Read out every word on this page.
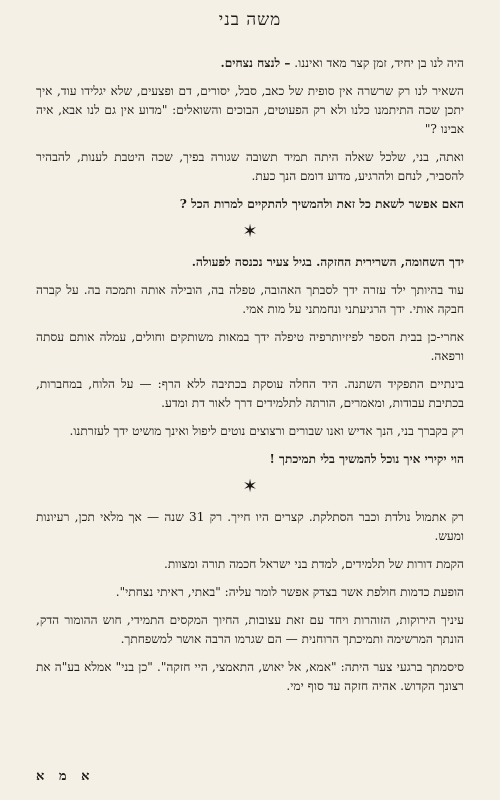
משה בני

היה לנו בן יחיד, זמן קצר מאד ואיננו. – לנצח נצחים.

השאיר לנו רק שרשרה אין סופית של כאב, סבל, יסורים, דם ופצעים, שלא יגלידו עוד, איך יתכן שכה התיתמנו כלנו ולא רק הפעוטים, הבוכים והשואלים: "מדוע אין גם לנו אבא, איה אבינו ?"

ואתה, בני, שלכל שאלה היתה תמיד תשובה שגורה בפיך, שכה היטבת לענות, להבהיר להסביר, לנחם ולהרגיע, מדוע דומם הנך כעת.

האם אפשר לשאת כל זאת ולהמשיך להתקיים למרות הכל ?

✶

ידך השחומה, השרירית החזקה. בגיל צעיר נכנסה לפעולה.

עוד בהיותך ילד עזרה ידך לסבתך האהובה, טפלה בה, הובילה אותה ותמכה בה. על קברה חבקה אותי. ידך הרגיעתני ונחמתני על מות אמי.

אחרי-כן בבית הספר לפיזיותרפיה טיפלה ידך במאות משותקים וחולים, עמלה אותם עסתה ורפאה.

בינתיים התפקיד השתנה. היד החלה עוסקת בכתיבה ללא הרף: — על הלוח, במחברות, בכתיבת עבודות, ומאמרים, הורתה לתלמידים דרך לאור דת ומדע.

רק בקברך בני, הנך אדיש ואנו שבורים ורצוצים נוטים ליפול ואינך מושיט ידך לעזרתנו.

הוי יקירי איך נוכל להמשיך בלי תמיכתך !

✶

רק אתמול נולדת וכבר הסתלקת. קצרים היו חייך. רק 31 שנה — אך מלאי תכן, רעיונות ומעש.

הקמת דורות של תלמידים, למדת בני ישראל חכמה תורה ומצוות.

הופעת כדמות חולפת אשר בצדק אפשר לומר עליה: "באתי, ראיתי נצחתי".

עיניך הירוקות, הזוהרות ויחד עם זאת עצובות, החיוך המקסים התמידי, חוש ההומור הדק, הונתך המרשימה ותמיכתך הרוחנית — הם שגרמו הרבה אושר למשפחתך.

סיסמתך ברגעי צער היתה: "אמא, אל יאוש, התאמצי, היי חזקה". "כן בני" אמלא בע"ה את רצונך הקדוש. אהיה חזקה עד סוף ימי.

א מ א
